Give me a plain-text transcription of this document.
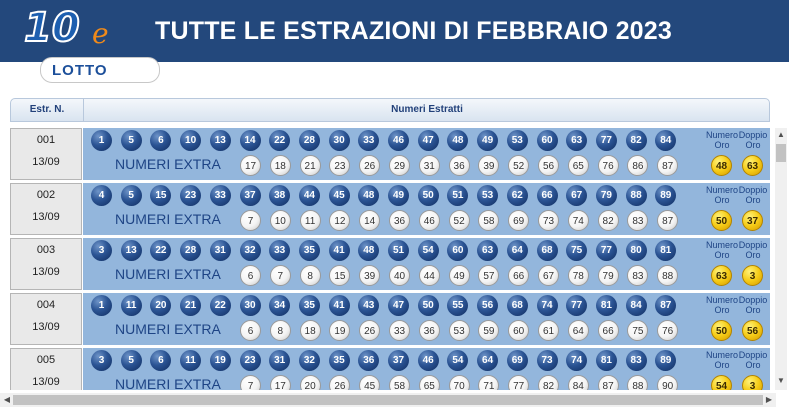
10 e
LOTTO
TUTTE LE ESTRAZIONI DI FEBBRAIO 2023
Estr. N.	Numeri Estratti
001
13/09
1	5	6	10	13	14	22	28	30	33	46	47	48	49	53	60	63	77	82	84
NUMERI EXTRA	17	18	21	23	26	29	31	36	39	52	56	65	76	86	87
Numero Oro
Doppio Oro
48	63
002
13/09
4	5	15	23	33	37	38	44	45	48	49	50	51	53	62	66	67	79	88	89
NUMERI EXTRA	7	10	11	12	14	36	46	52	58	69	73	74	82	83	87
Numero Oro
Doppio Oro
50	37
003
13/09
3	13	22	28	31	32	33	35	41	48	51	54	60	63	64	68	75	77	80	81
NUMERI EXTRA	6	7	8	15	39	40	44	49	57	66	67	78	79	83	88
Numero Oro
Doppio Oro
63	3
004
13/09
1	11	20	21	22	30	34	35	41	43	47	50	55	56	68	74	77	81	84	87
NUMERI EXTRA	6	8	18	19	26	33	36	53	59	60	61	64	66	75	76
Numero Oro
Doppio Oro
50	56
005
13/09
3	5	6	11	19	23	31	32	35	36	37	46	54	64	69	73	74	81	83	89
NUMERI EXTRA	7	17	20	26	45	58	65	70	71	77	82	84	87	88	90
Numero Oro
Doppio Oro
54	3
▲
▼
◀	▶
